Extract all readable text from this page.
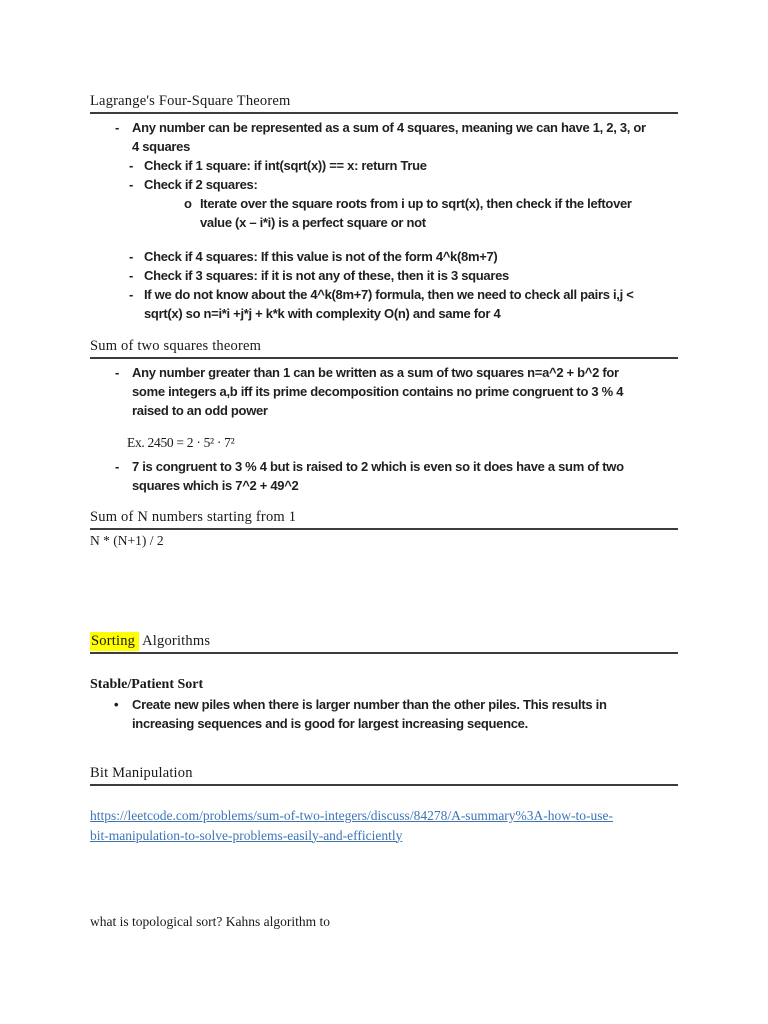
Lagrange's Four-Square Theorem
- Any number can be represented as a sum of 4 squares, meaning we can have 1, 2, 3, or
4 squares
- Check if 1 square: if int(sqrt(x)) == x: return True
- Check if 2 squares:
o Iterate over the square roots from i up to sqrt(x), then check if the leftover
value (x – i*i) is a perfect square or not
- Check if 4 squares: If this value is not of the form 4^k(8m+7)
- Check if 3 squares: if it is not any of these, then it is 3 squares
- If we do not know about the 4^k(8m+7) formula, then we need to check all pairs i,j <
sqrt(x) so n=i*i +j*j + k*k with complexity O(n) and same for 4
Sum of two squares theorem
- Any number greater than 1 can be written as a sum of two squares n=a^2 + b^2 for
some integers a,b iff its prime decomposition contains no prime congruent to 3 % 4
raised to an odd power
Ex. 2450 = 2 · 5² · 7²
- 7 is congruent to 3 % 4 but is raised to 2 which is even so it does have a sum of two
squares which is 7^2 + 49^2
Sum of N numbers starting from 1
N * (N+1) / 2
Sorting Algorithms
Stable/Patient Sort
• Create new piles when there is larger number than the other piles. This results in
increasing sequences and is good for largest increasing sequence.
Bit Manipulation
https://leetcode.com/problems/sum-of-two-integers/discuss/84278/A-summary%3A-how-to-use-
bit-manipulation-to-solve-problems-easily-and-efficiently
what is topological sort? Kahns algorithm to
